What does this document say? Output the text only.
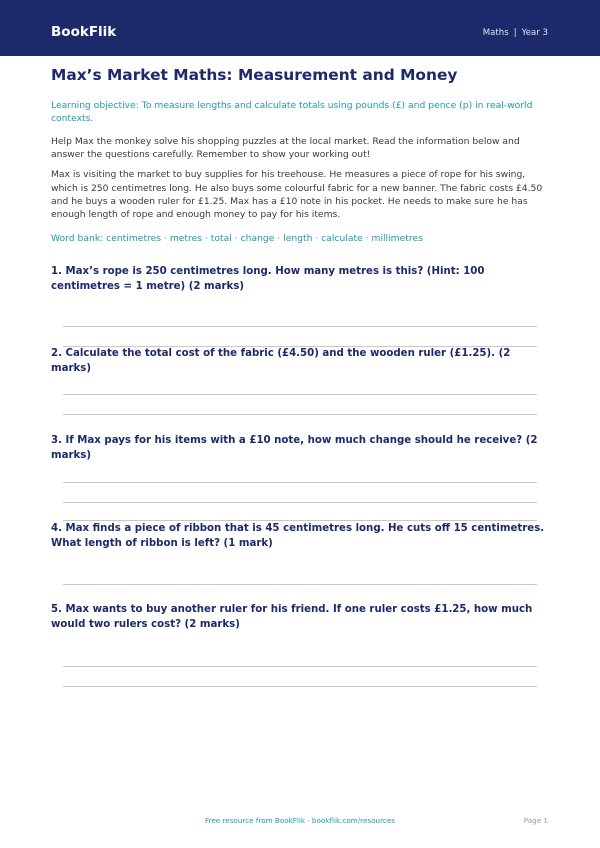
BookFlik	Maths | Year 3
Max’s Market Maths: Measurement and Money

Learning objective: To measure lengths and calculate totals using pounds (£) and pence (p) in real-world contexts.

Help Max the monkey solve his shopping puzzles at the local market. Read the information below and answer the questions carefully. Remember to show your working out!

Max is visiting the market to buy supplies for his treehouse. He measures a piece of rope for his swing, which is 250 centimetres long. He also buys some colourful fabric for a new banner. The fabric costs £4.50 and he buys a wooden ruler for £1.25. Max has a £10 note in his pocket. He needs to make sure he has enough length of rope and enough money to pay for his items.

Word bank: centimetres · metres · total · change · length · calculate · millimetres

1. Max’s rope is 250 centimetres long. How many metres is this? (Hint: 100 centimetres = 1 metre) (2 marks)

2. Calculate the total cost of the fabric (£4.50) and the wooden ruler (£1.25). (2 marks)

3. If Max pays for his items with a £10 note, how much change should he receive? (2 marks)

4. Max finds a piece of ribbon that is 45 centimetres long. He cuts off 15 centimetres. What length of ribbon is left? (1 mark)

5. Max wants to buy another ruler for his friend. If one ruler costs £1.25, how much would two rulers cost? (2 marks)

Free resource from BookFlik · bookflik.com/resources	Page 1
